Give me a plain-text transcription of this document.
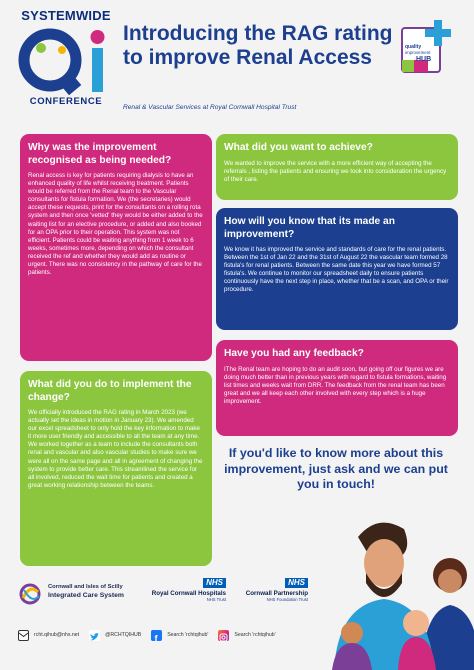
SYSTEMWIDE
CONFERENCE
Introducing the RAG rating to improve Renal Access
Renal & Vascular Services at Royal Cornwall Hospital Trust
quality
improvement
HUB
Why was the improvement recognised as being needed?
Renal access is key for patients requiring dialysis to have an enhanced quality of life whilst receiving treatment. Patients would be referred from the Renal team to the Vascular consultants for fistula formation. We (the secretaries) would accept these requests, print for the consultants on a rolling rota system and then once 'vetted' they would be either added to the waiting list for an elective procedure, or added and also booked for an OPA prior to their operation. This system was not efficient. Patients could be waiting anything from 1 week to 6 weeks, sometimes more, depending on which the consultant received the ref and whether they would add as routine or urgent. There was no consistency in the pathway of care for the patients.
What did you do to implement the change?
We officially introduced the RAG rating in March 2023 (we actually set the ideas in motion in January 23). We amended our excel spreadsheet to only hold the key information to make it more user friendly and accessible to all the team at any time. We worked together as a team to include the consultants both renal and vascular and also vascular studies to make sure we were all on the same page and all in agreement of changing the system to provide better care. This streamlined the service for all involved, reduced the wait time for patients and created a great working relationship between the teams.
What did you want to achieve?
We wanted to improve the service with a more efficient way of accepting the referrals , listing the patients and ensuring we took into consideration the urgency of their care.
How will you know that its made an improvement?
We know it has improved the service and standards of care for the renal patients. Between the 1st of Jan 22 and the 31st of August 22 the vascular team formed 28 fistula's for renal patients. Between the same date this year we have formed 57 fistula's. We continue to monitor our spreadsheet daily to ensure patients continuously have the next step in place, whether that be a scan, and OPA or their procedure.
Have you had any feedback?
IThe Renal team are hoping to do an audit soon, but going off our figures we are doing much better than in previous years with regard to fistula formations, waiting list times and weeks wait from DRR. The feedback from the renal team has been great and we all keep each other involved with every step which is a huge improvement.
If you'd like to know more about this improvement, just ask and we can put you in touch!
Cornwall and Isles of Scilly
Integrated Care System
NHS
Royal Cornwall Hospitals
NHS Trust
NHS
Cornwall Partnership
NHS Foundation Trust
rcht.qihub@nhs.net	@RCHTQIHUB f Search 'rchtqihub'	Search 'rchtqihub'
